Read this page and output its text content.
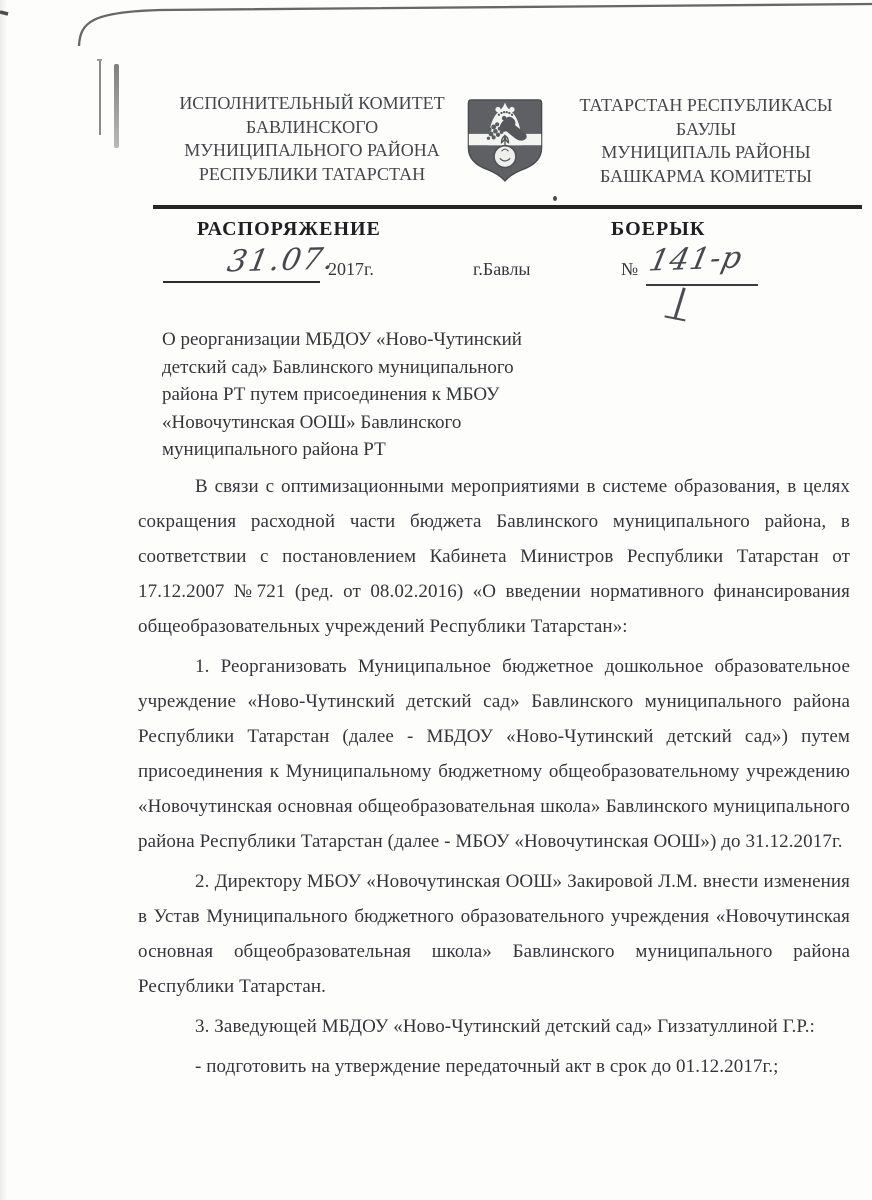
ИСПОЛНИТЕЛЬНЫЙ КОМИТЕТ
БАВЛИНСКОГО
МУНИЦИПАЛЬНОГО РАЙОНА
РЕСПУБЛИКИ ТАТАРСТАН
ТАТАРСТАН РЕСПУБЛИКАСЫ
БАУЛЫ
МУНИЦИПАЛЬ РАЙОНЫ
БАШКАРМА КОМИТЕТЫ
РАСПОРЯЖЕНИЕ	БОЕРЫК
31.07.
2017г.	г.Бавлы	№ 141-р
О реорганизации МБДОУ «Ново-Чутинский
детский сад» Бавлинского муниципального
района РТ путем присоединения к МБОУ
«Новочутинская ООШ» Бавлинского
муниципального района РТ

В связи с оптимизационными мероприятиями в системе образования, в целях сокращения расходной части бюджета Бавлинского муниципального района, в соответствии с постановлением Кабинета Министров Республики Татарстан от 17.12.2007 №721 (ред. от 08.02.2016) «О введении нормативного финансирования общеобразовательных учреждений Республики Татарстан»:

1. Реорганизовать Муниципальное бюджетное дошкольное образовательное учреждение «Ново-Чутинский детский сад» Бавлинского муниципального района Республики Татарстан (далее - МБДОУ «Ново-Чутинский детский сад») путем присоединения к Муниципальному бюджетному общеобразовательному учреждению «Новочутинская основная общеобразовательная школа» Бавлинского муниципального района Республики Татарстан (далее - МБОУ «Новочутинская ООШ») до 31.12.2017г.

2. Директору МБОУ «Новочутинская ООШ» Закировой Л.М. внести изменения в Устав Муниципального бюджетного образовательного учреждения «Новочутинская основная общеобразовательная школа» Бавлинского муниципального района Республики Татарстан.

3. Заведующей МБДОУ «Ново-Чутинский детский сад» Гиззатуллиной Г.Р.:

- подготовить на утверждение передаточный акт в срок до 01.12.2017г.;
